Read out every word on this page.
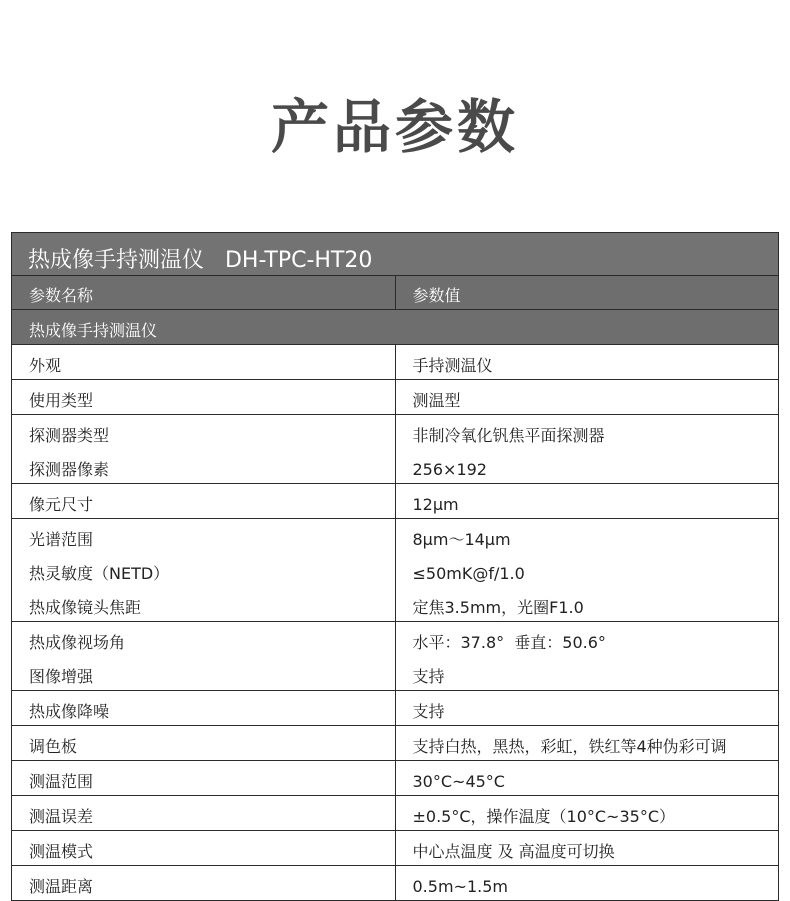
产品参数
热成像手持测温仪   DH-TPC-HT20	
参数名称	参数值
热成像手持测温仪	
外观	手持测温仪
使用类型	测温型
探测器类型	非制冷氧化钒焦平面探测器
探测器像素	256×192
像元尺寸	12μm
光谱范围	8μm～14μm
热灵敏度（NETD）	≤50mK@f/1.0
热成像镜头焦距	定焦3.5mm，光圈F1.0
热成像视场角	水平：37.8°  垂直：50.6°
图像增强	支持
热成像降噪	支持
调色板	支持白热，黑热，彩虹，铁红等4种伪彩可调
测温范围	30°C~45°C
测温误差	±0.5°C，操作温度（10°C~35°C）
测温模式	中心点温度 及 高温度可切换
测温距离	0.5m~1.5m
